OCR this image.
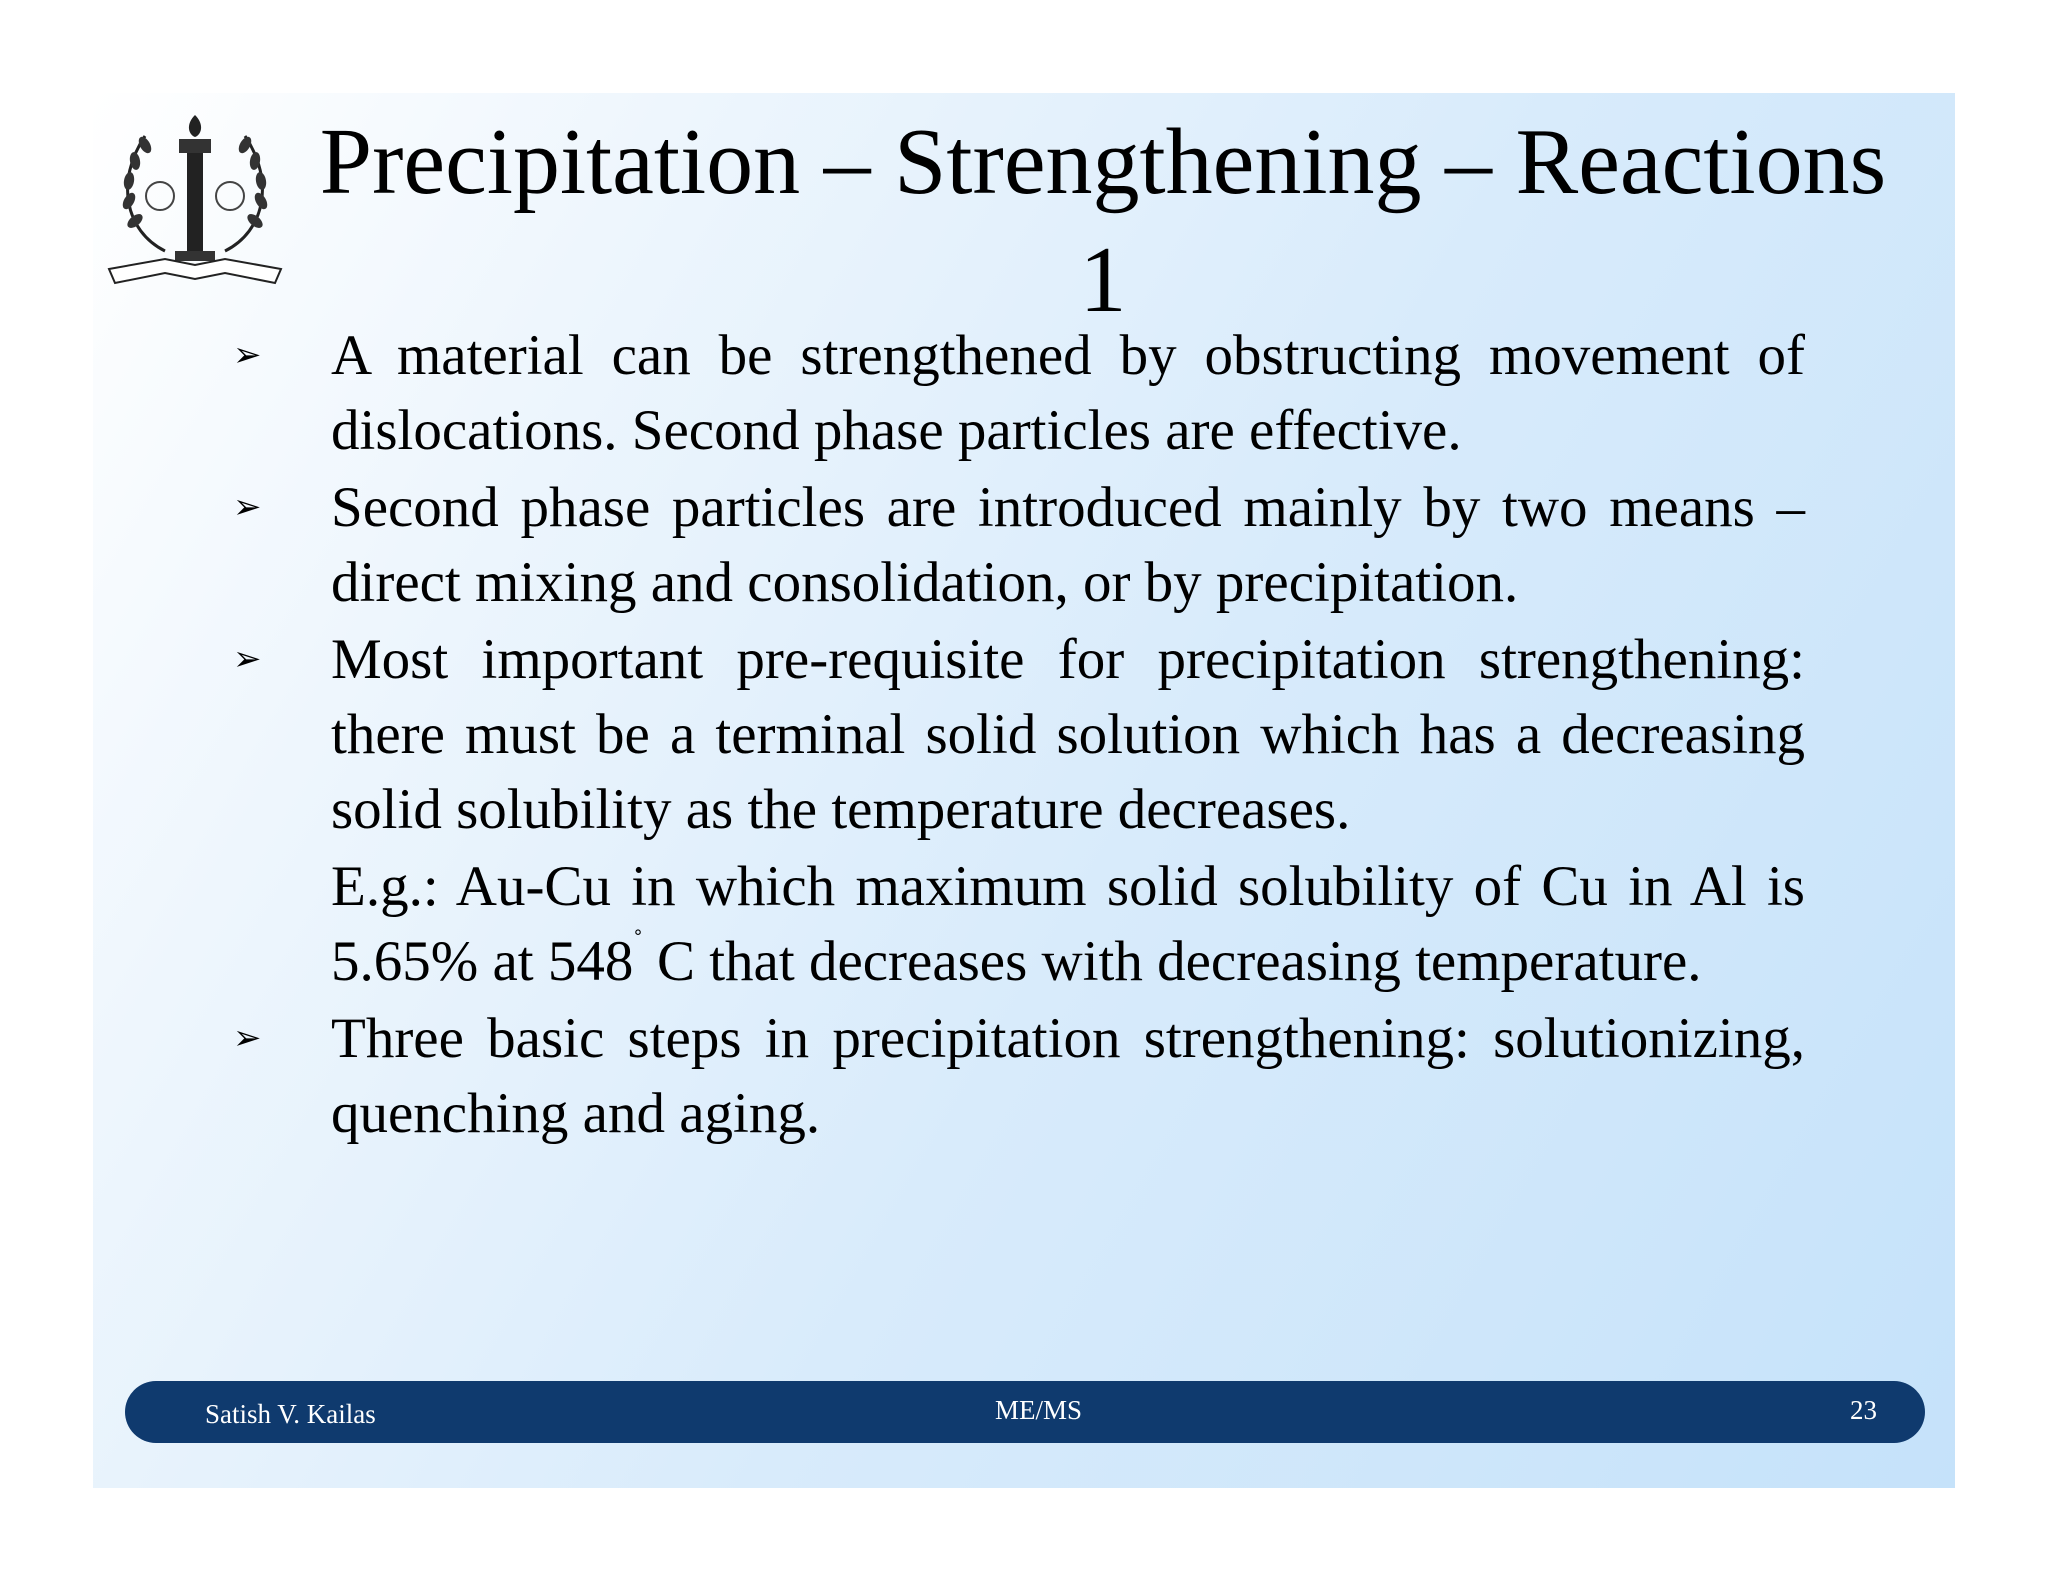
Precipitation – Strengthening – Reactions
1

➢ A material can be strengthened by obstructing movement of dislocations. Second phase particles are effective.

➢ Second phase particles are introduced mainly by two means – direct mixing and consolidation, or by precipitation.

➢ Most important pre-requisite for precipitation strengthening: there must be a terminal solid solution which has a decreasing solid solubility as the temperature decreases.

E.g.: Au-Cu in which maximum solid solubility of Cu in Al is 5.65% at 548˚ C that decreases with decreasing temperature.

➢ Three basic steps in precipitation strengthening: solutionizing, quenching and aging.

Satish V. Kailas	ME/MS	23
